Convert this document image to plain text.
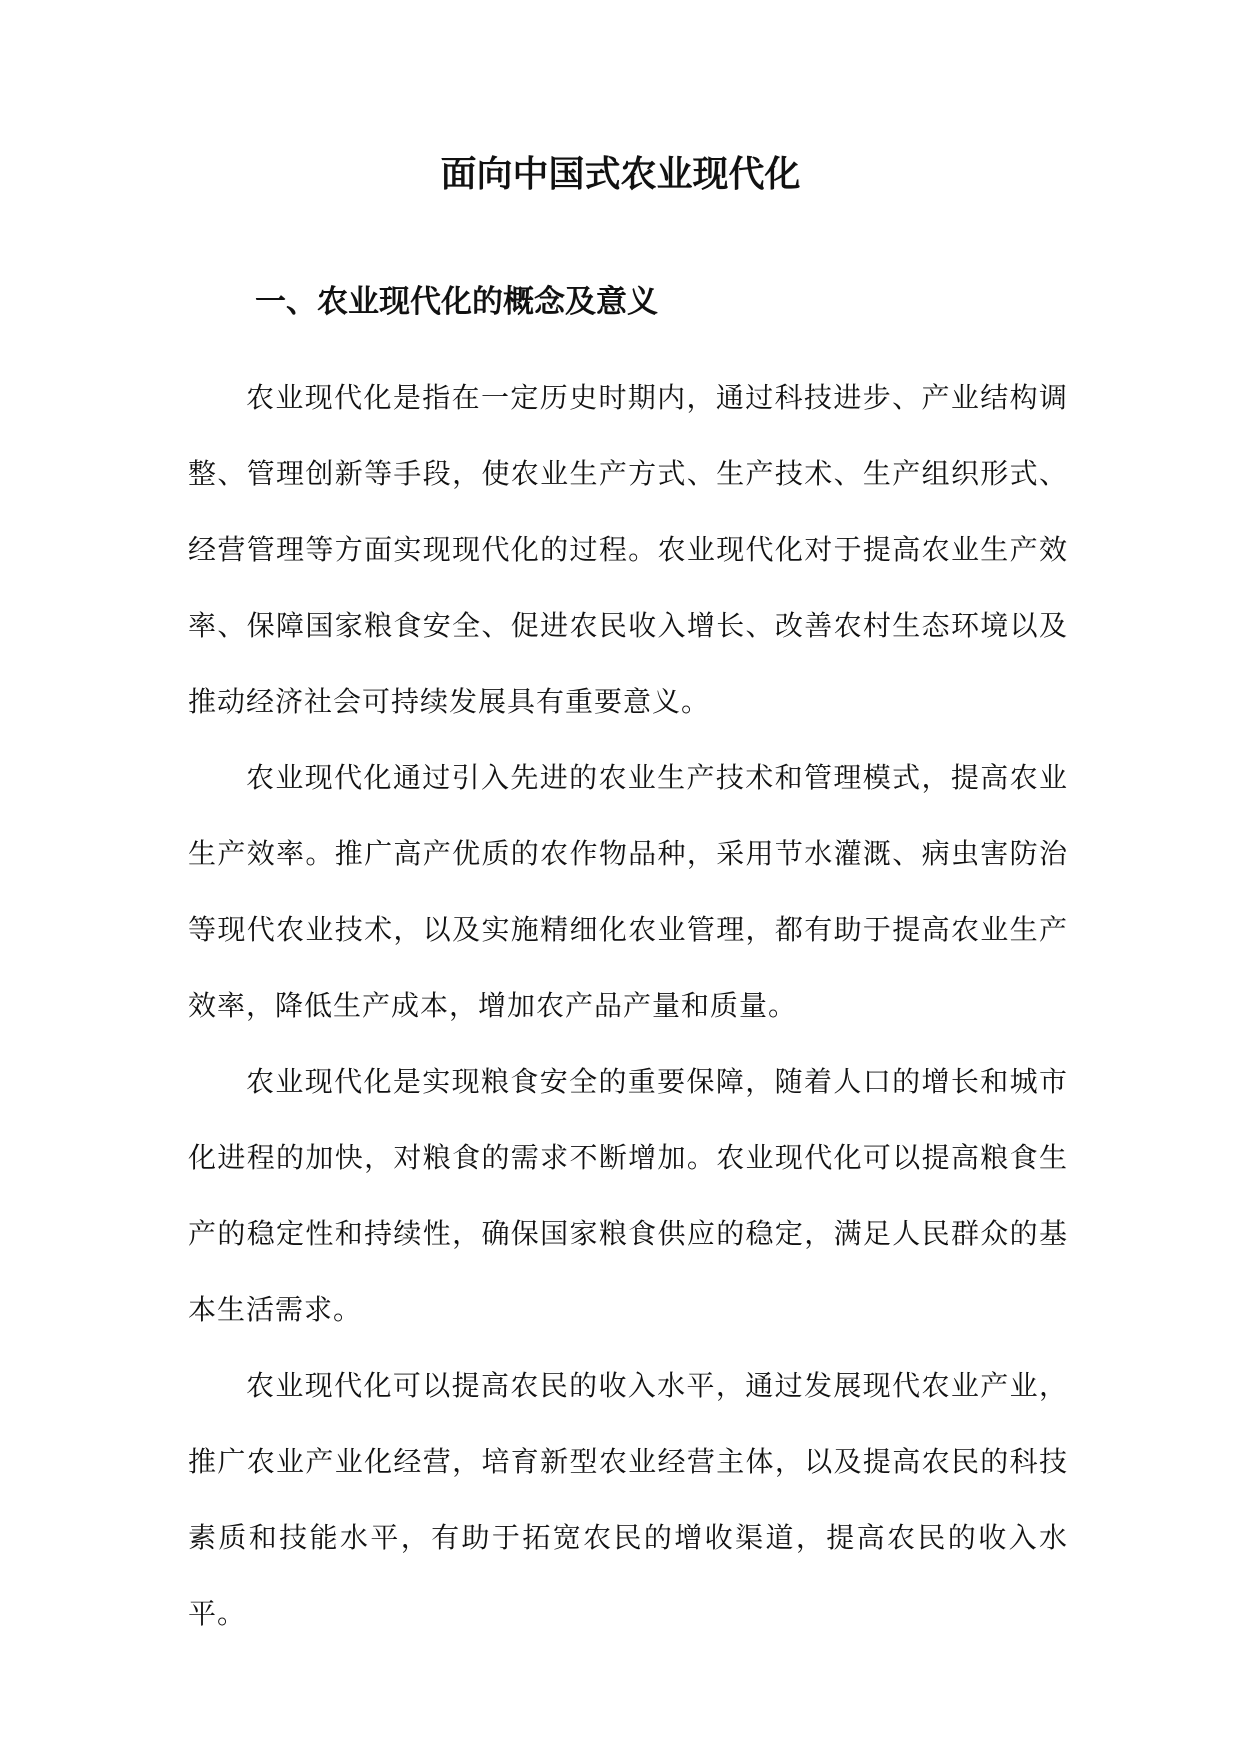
面向中国式农业现代化
一、农业现代化的概念及意义

农业现代化是指在一定历史时期内，通过科技进步、产业结构调整、管理创新等手段，使农业生产方式、生产技术、生产组织形式、经营管理等方面实现现代化的过程。农业现代化对于提高农业生产效率、保障国家粮食安全、促进农民收入增长、改善农村生态环境以及推动经济社会可持续发展具有重要意义。

农业现代化通过引入先进的农业生产技术和管理模式，提高农业生产效率。推广高产优质的农作物品种，采用节水灌溉、病虫害防治等现代农业技术，以及实施精细化农业管理，都有助于提高农业生产效率，降低生产成本，增加农产品产量和质量。

农业现代化是实现粮食安全的重要保障，随着人口的增长和城市化进程的加快，对粮食的需求不断增加。农业现代化可以提高粮食生产的稳定性和持续性，确保国家粮食供应的稳定，满足人民群众的基本生活需求。

农业现代化可以提高农民的收入水平，通过发展现代农业产业，推广农业产业化经营，培育新型农业经营主体，以及提高农民的科技素质和技能水平，有助于拓宽农民的增收渠道，提高农民的收入水平。
